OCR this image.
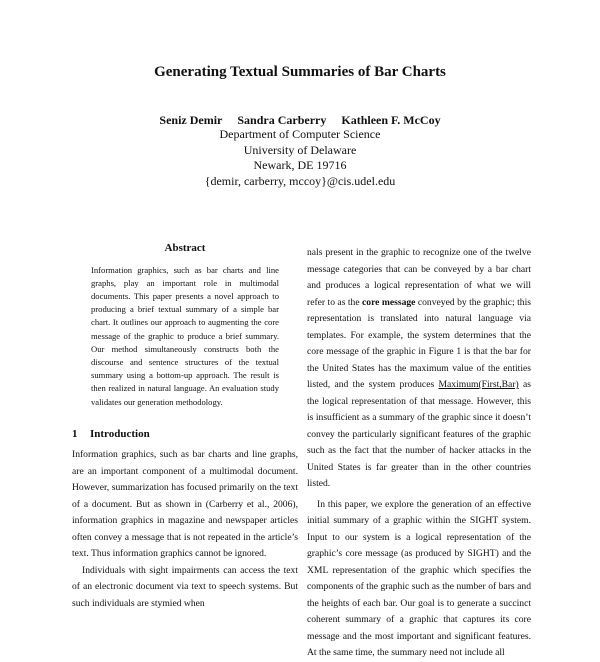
Generating Textual Summaries of Bar Charts
Seniz Demir Sandra Carberry Kathleen F. McCoy
Department of Computer Science
University of Delaware
Newark, DE 19716
{demir, carberry, mccoy}@cis.udel.edu
Abstract
Information graphics, such as bar charts and line graphs, play an important role in multimodal documents. This paper presents a novel approach to producing a brief textual summary of a simple bar chart. It outlines our approach to augmenting the core message of the graphic to produce a brief summary. Our method simultaneously constructs both the discourse and sentence structures of the textual summary using a bottom-up approach. The result is then realized in natural language. An evaluation study validates our generation methodology.
1 Introduction

Information graphics, such as bar charts and line graphs, are an important component of a multimodal document. However, summarization has focused primarily on the text of a document. But as shown in (Carberry et al., 2006), information graphics in magazine and newspaper articles often convey a message that is not repeated in the article’s text. Thus information graphics cannot be ignored.

Individuals with sight impairments can access the text of an electronic document via text to speech systems. But such individuals are stymied when

nals present in the graphic to recognize one of the twelve message categories that can be conveyed by a bar chart and produces a logical representation of what we will refer to as the core message conveyed by the graphic; this representation is translated into natural language via templates. For example, the system determines that the core message of the graphic in Figure 1 is that the bar for the United States has the maximum value of the entities listed, and the system produces Maximum(First,Bar) as the logical representation of that message. However, this is insufficient as a summary of the graphic since it doesn’t convey the particularly significant features of the graphic such as the fact that the number of hacker attacks in the United States is far greater than in the other countries listed.

In this paper, we explore the generation of an effective initial summary of a graphic within the SIGHT system. Input to our system is a logical representation of the graphic’s core message (as produced by SIGHT) and the XML representation of the graphic which specifies the components of the graphic such as the number of bars and the heights of each bar. Our goal is to generate a succinct coherent summary of a graphic that captures its core message and the most important and significant features. At the same time, the summary need not include all
